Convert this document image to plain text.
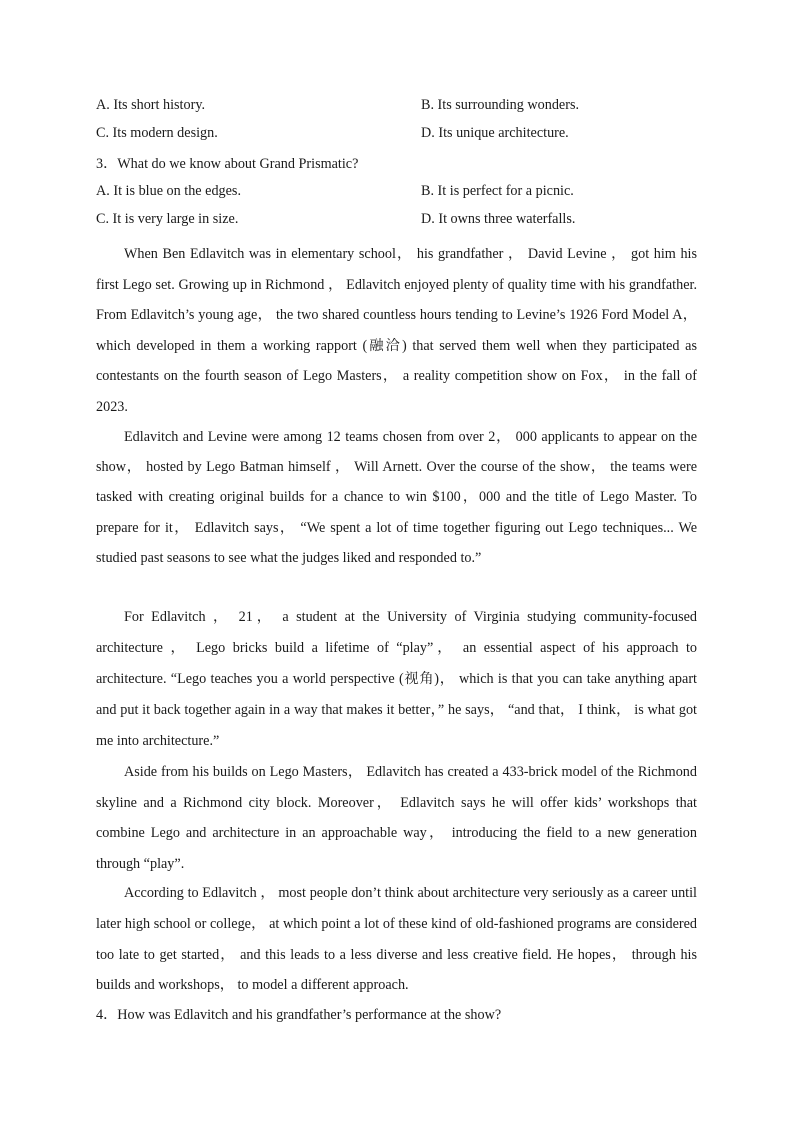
A. Its short history.	B. Its surrounding wonders.
C. Its modern design.	D. Its unique architecture.
3．What do we know about Grand Prismatic?
A. It is blue on the edges.	B. It is perfect for a picnic.
C. It is very large in size.	D. It owns three waterfalls.

When Ben Edlavitch was in elementary school， his grandfather ， David Levine ， got him his first Lego set. Growing up in Richmond ， Edlavitch enjoyed plenty of quality time with his grandfather. From Edlavitch’s young age， the two shared countless hours tending to Levine’s 1926 Ford Model A， which developed in them a working rapport (融洽) that served them well when they participated as contestants on the fourth season of Lego Masters， a reality competition show on Fox， in the fall of 2023.

Edlavitch and Levine were among 12 teams chosen from over 2， 000 applicants to appear on the show， hosted by Lego Batman himself ， Will Arnett. Over the course of the show， the teams were tasked with creating original builds for a chance to win $100，000 and the title of Lego Master. To prepare for it， Edlavitch says， “We spent a lot of time together figuring out Lego techniques... We studied past seasons to see what the judges liked and responded to.”

For Edlavitch ， 21， a student at the University of Virginia studying community-focused architecture ， Lego bricks build a lifetime of “play”， an essential aspect of his approach to architecture. “Lego teaches you a world perspective (视角)， which is that you can take anything apart and put it back together again in a way that makes it better，” he says， “and that， I think， is what got me into architecture.”

Aside from his builds on Lego Masters， Edlavitch has created a 433-brick model of the Richmond skyline and a Richmond city block. Moreover， Edlavitch says he will offer kids’ workshops that combine Lego and architecture in an approachable way， introducing the field to a new generation through “play”.

According to Edlavitch ， most people don’t think about architecture very seriously as a career until later high school or college， at which point a lot of these kind of old-fashioned programs are considered too late to get started， and this leads to a less diverse and less creative field. He hopes， through his builds and workshops， to model a different approach.

4．How was Edlavitch and his grandfather’s performance at the show?
